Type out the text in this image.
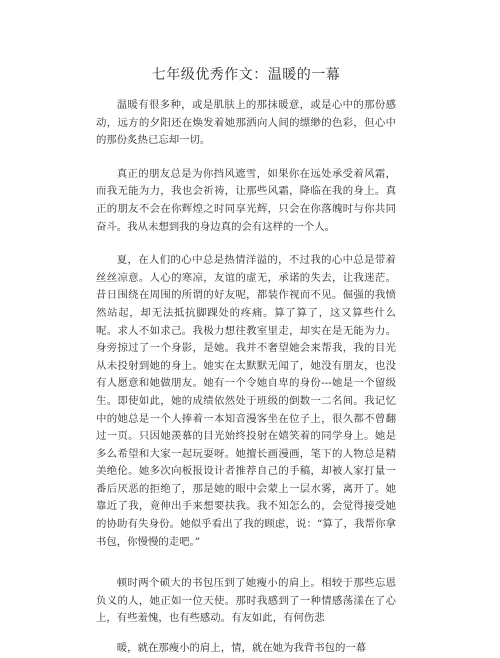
七年级优秀作文：温暖的一幕

温暖有很多种，或是肌肤上的那抹暖意，或是心中的那份感动，远方的夕阳还在焕发着她那洒向人间的缥缈的色彩，但心中的那份炙热已忘却一切。

真正的朋友总是为你挡风遮雪，如果你在远处承受着风霜，而我无能为力，我也会祈祷，让那些风霜，降临在我的身上。真正的朋友不会在你辉煌之时同享光辉，只会在你落魄时与你共同奋斗。我从未想到我的身边真的会有这样的一个人。

夏，在人们的心中总是热情洋溢的，不过我的心中总是带着丝丝凉意。人心的寒凉，友谊的虚无，承诺的失去，让我迷茫。昔日围绕在周围的所谓的好友呢，都装作视而不见。倔强的我愤然站起，却无法抵抗脚踝处的疼痛。算了算了，这又算些什么呢。求人不如求己。我极力想往教室里走，却实在是无能为力。身旁掠过了一个身影，是她。我并不奢望她会来帮我，我的目光从未投射到她的身上。她实在太默默无闻了，她没有朋友，也没有人愿意和她做朋友。她有一个令她自卑的身份---她是一个留级生。即使如此，她的成绩依然处于班级的倒数一二名间。我记忆中的她总是一个人捧着一本知音漫客坐在位子上，很久都不曾翻过一页。只因她羡慕的目光始终投射在嬉笑着的同学身上。她是多么希望和大家一起玩耍呀。她擅长画漫画，笔下的人物总是精美绝伦。她多次向板报设计者推荐自己的手稿，却被人家打量一番后厌恶的拒绝了，那是她的眼中会蒙上一层水雾，离开了。她靠近了我，竟伸出手来想要扶我。我不知怎么的，会觉得接受她的协助有失身份。她似乎看出了我的顾虑，说：“算了，我帮你拿书包，你慢慢的走吧。”

顿时两个硕大的书包压到了她瘦小的肩上。相较于那些忘恩负义的人，她正如一位天使。那时我感到了一种情感荡漾在了心上，有些羞愧，也有些感动。有友如此，有何伤悲

暖，就在那瘦小的肩上，情，就在她为我背书包的一幕
